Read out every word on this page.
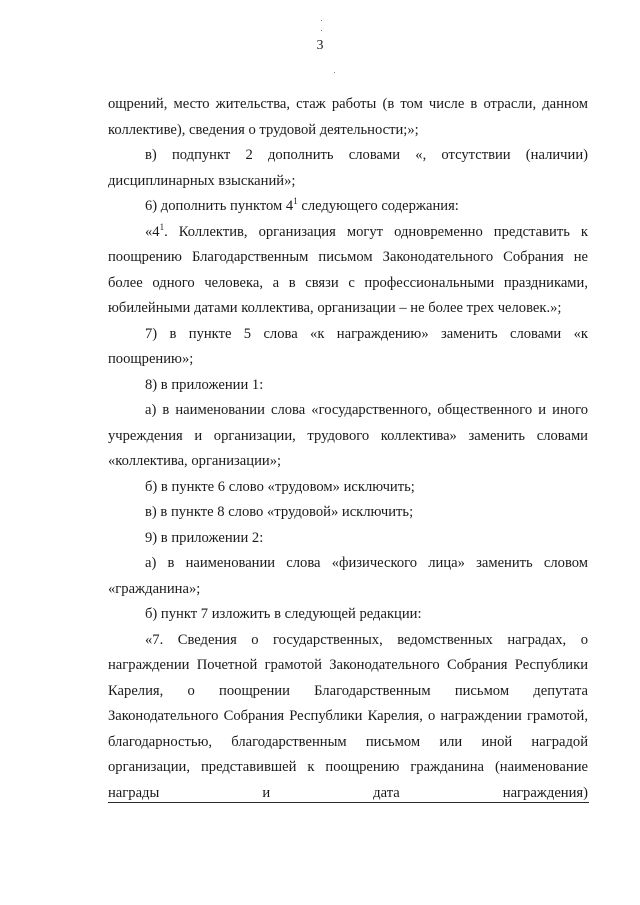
3

ощрений, место жительства, стаж работы (в том числе в отрасли, данном коллективе), сведения о трудовой деятельности;»;

в) подпункт 2 дополнить словами «, отсутствии (наличии) дисциплинарных взысканий»;

6) дополнить пунктом $4^1$ следующего содержания:

«$4^1$. Коллектив, организация могут одновременно представить к поощрению Благодарственным письмом Законодательного Собрания не более одного человека, а в связи с профессиональными праздниками, юбилейными датами коллектива, организации – не более трех человек.»;

7) в пункте 5 слова «к награждению» заменить словами «к поощрению»;

8) в приложении 1:

а) в наименовании слова «государственного, общественного и иного учреждения и организации, трудового коллектива» заменить словами «коллектива, организации»;

б) в пункте 6 слово «трудовом» исключить;

в) в пункте 8 слово «трудовой» исключить;

9) в приложении 2:

а) в наименовании слова «физического лица» заменить словом «гражданина»;

б) пункт 7 изложить в следующей редакции:

«7. Сведения о государственных, ведомственных наградах, о награждении Почетной грамотой Законодательного Собрания Республики Карелия, о поощрении Благодарственным письмом депутата Законодательного Собрания Республики Карелия, о награждении грамотой, благодарностью, благодарственным письмом или иной наградой организации, представившей к поощрению гражданина (наименование награды и дата награждения)
